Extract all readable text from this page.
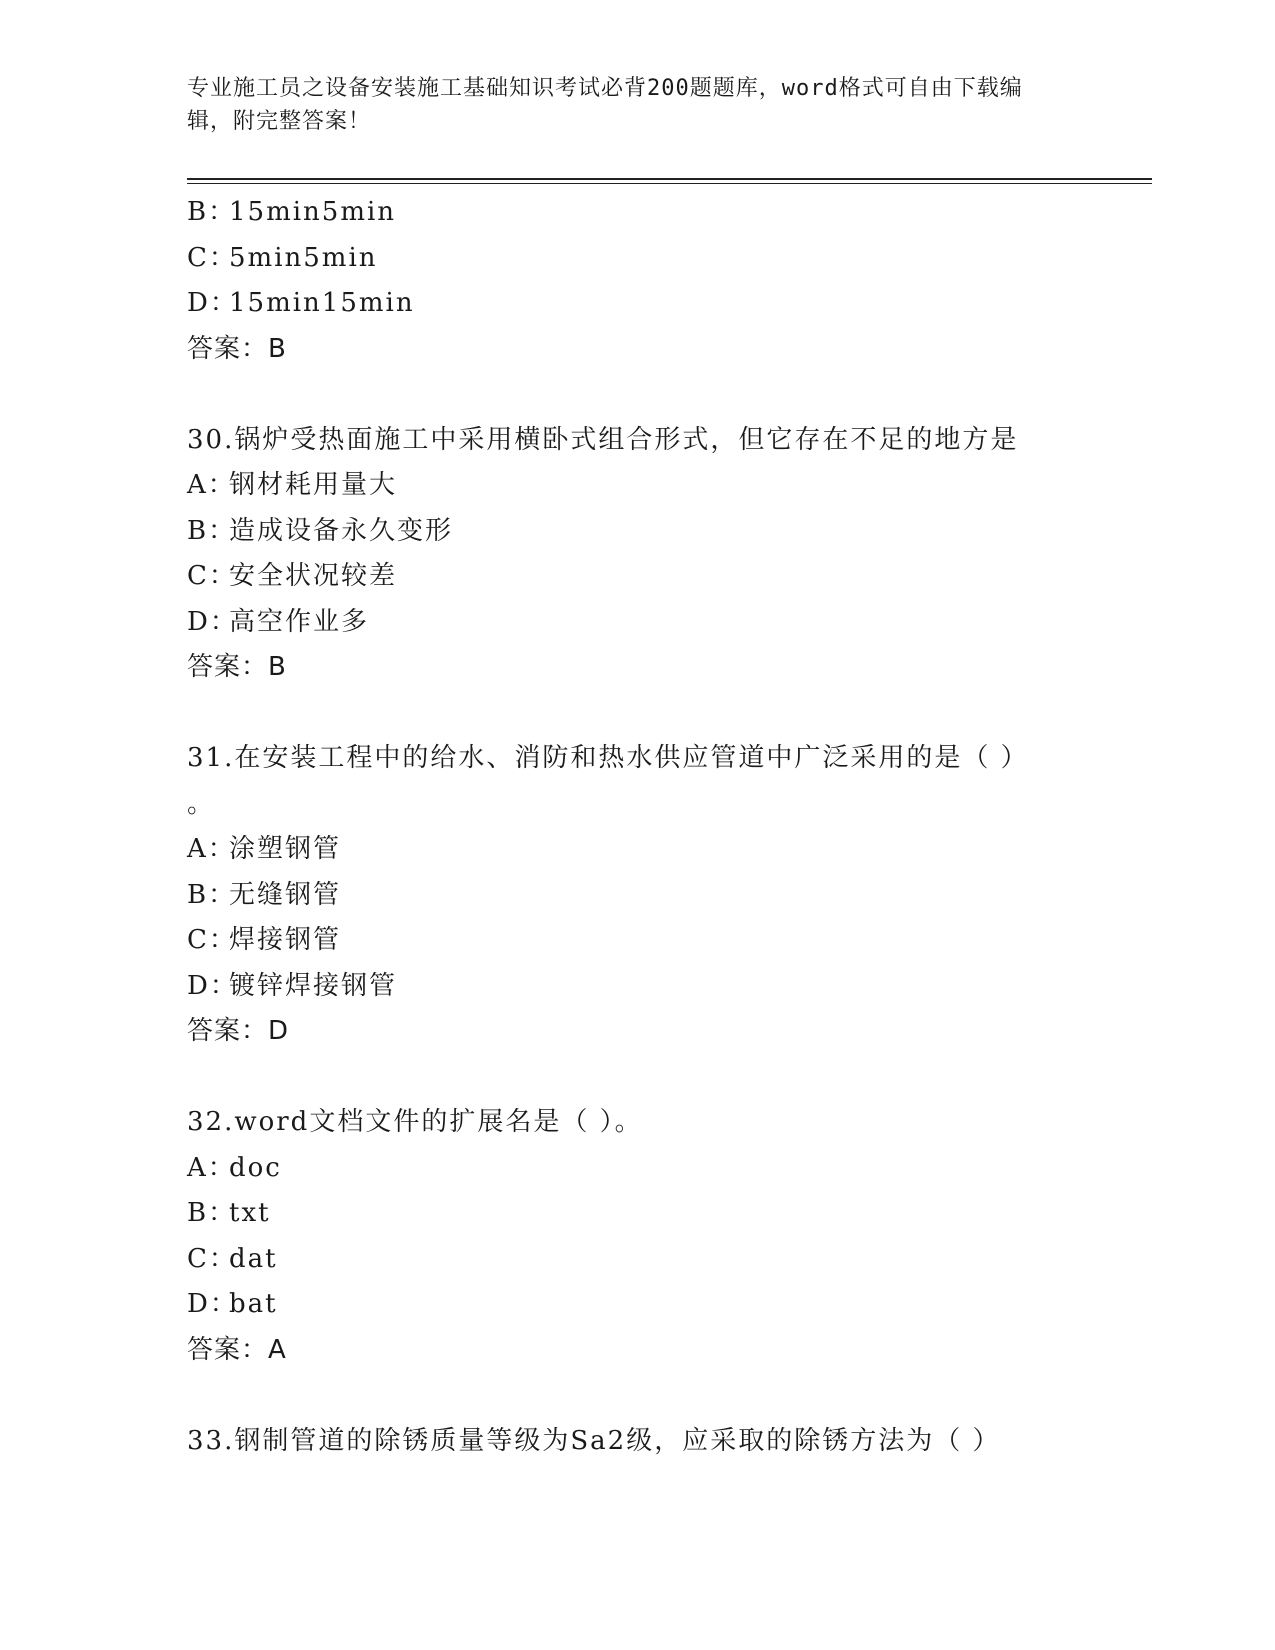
专业施工员之设备安装施工基础知识考试必背200题题库，word格式可自由下载编辑，附完整答案！
B：15min5min
C：5min5min
D：15min15min
答案：B
30.锅炉受热面施工中采用横卧式组合形式，但它存在不足的地方是
A：钢材耗用量大
B：造成设备永久变形
C：安全状况较差
D：高空作业多
答案：B
31.在安装工程中的给水、消防和热水供应管道中广泛采用的是（ ）
。
A：涂塑钢管
B：无缝钢管
C：焊接钢管
D：镀锌焊接钢管
答案：D
32.word文档文件的扩展名是（ ）。
A：doc
B：txt
C：dat
D：bat
答案：A
33.钢制管道的除锈质量等级为Sa2级，应采取的除锈方法为（ ）
